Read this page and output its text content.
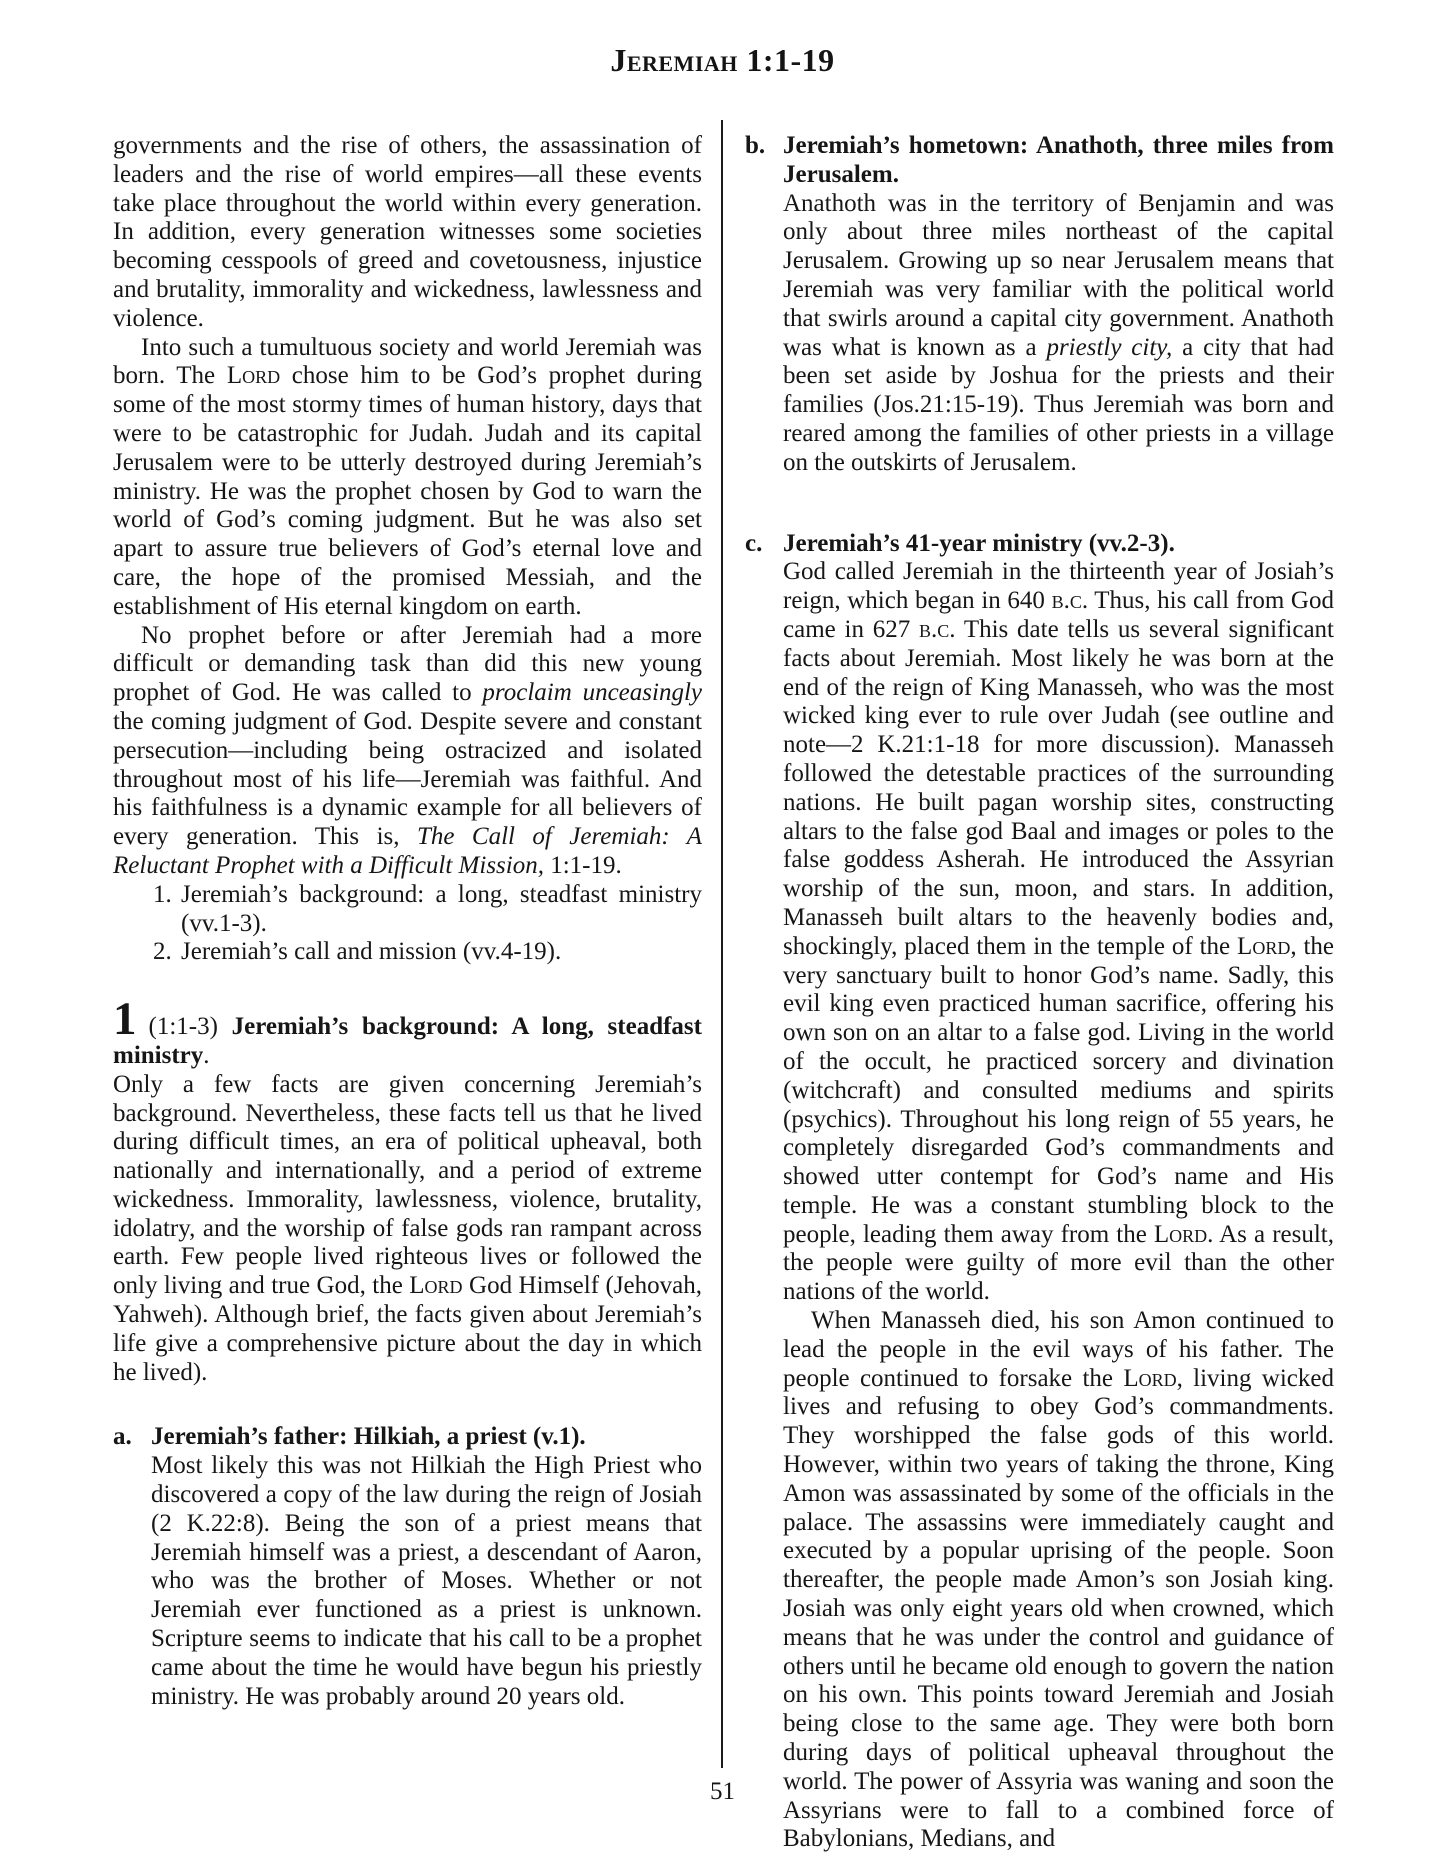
Jeremiah 1:1-19

governments and the rise of others, the assassination of leaders and the rise of world empires—all these events take place throughout the world within every generation. In addition, every generation witnesses some societies becoming cesspools of greed and covetousness, injustice and brutality, immorality and wickedness, lawlessness and violence.

Into such a tumultuous society and world Jeremiah was born. The Lord chose him to be God’s prophet during some of the most stormy times of human history, days that were to be catastrophic for Judah. Judah and its capital Jerusalem were to be utterly destroyed during Jeremiah’s ministry. He was the prophet chosen by God to warn the world of God’s coming judgment. But he was also set apart to assure true believers of God’s eternal love and care, the hope of the promised Messiah, and the establishment of His eternal kingdom on earth.

No prophet before or after Jeremiah had a more difficult or demanding task than did this new young prophet of God. He was called to proclaim unceasingly the coming judgment of God. Despite severe and constant persecution—including being ostracized and isolated throughout most of his life—Jeremiah was faithful. And his faithfulness is a dynamic example for all believers of every generation. This is, The Call of Jeremiah: A Reluctant Prophet with a Difficult Mission, 1:1-19.

1. Jeremiah’s background: a long, steadfast ministry (vv.1-3).
2. Jeremiah’s call and mission (vv.4-19).

1 (1:1-3) Jeremiah’s background: A long, steadfast ministry.

Only a few facts are given concerning Jeremiah’s background. Nevertheless, these facts tell us that he lived during difficult times, an era of political upheaval, both nationally and internationally, and a period of extreme wickedness. Immorality, lawlessness, violence, brutality, idolatry, and the worship of false gods ran rampant across earth. Few people lived righteous lives or followed the only living and true God, the Lord God Himself (Jehovah, Yahweh). Although brief, the facts given about Jeremiah’s life give a comprehensive picture about the day in which he lived).

a. Jeremiah’s father: Hilkiah, a priest (v.1).

Most likely this was not Hilkiah the High Priest who discovered a copy of the law during the reign of Josiah (2 K.22:8). Being the son of a priest means that Jeremiah himself was a priest, a descendant of Aaron, who was the brother of Moses. Whether or not Jeremiah ever functioned as a priest is unknown. Scripture seems to indicate that his call to be a prophet came about the time he would have begun his priestly ministry. He was probably around 20 years old.

b. Jeremiah’s hometown: Anathoth, three miles from Jerusalem.

Anathoth was in the territory of Benjamin and was only about three miles northeast of the capital Jerusalem. Growing up so near Jerusalem means that Jeremiah was very familiar with the political world that swirls around a capital city government. Anathoth was what is known as a priestly city, a city that had been set aside by Joshua for the priests and their families (Jos.21:15-19). Thus Jeremiah was born and reared among the families of other priests in a village on the outskirts of Jerusalem.

c. Jeremiah’s 41-year ministry (vv.2-3).

God called Jeremiah in the thirteenth year of Josiah’s reign, which began in 640 b.c. Thus, his call from God came in 627 b.c. This date tells us several significant facts about Jeremiah. Most likely he was born at the end of the reign of King Manasseh, who was the most wicked king ever to rule over Judah (see outline and note—2 K.21:1-18 for more discussion). Manasseh followed the detestable practices of the surrounding nations. He built pagan worship sites, constructing altars to the false god Baal and images or poles to the false goddess Asherah. He introduced the Assyrian worship of the sun, moon, and stars. In addition, Manasseh built altars to the heavenly bodies and, shockingly, placed them in the temple of the Lord, the very sanctuary built to honor God’s name. Sadly, this evil king even practiced human sacrifice, offering his own son on an altar to a false god. Living in the world of the occult, he practiced sorcery and divination (witchcraft) and consulted mediums and spirits (psychics). Throughout his long reign of 55 years, he completely disregarded God’s commandments and showed utter contempt for God’s name and His temple. He was a constant stumbling block to the people, leading them away from the Lord. As a result, the people were guilty of more evil than the other nations of the world.

When Manasseh died, his son Amon continued to lead the people in the evil ways of his father. The people continued to forsake the Lord, living wicked lives and refusing to obey God’s commandments. They worshipped the false gods of this world. However, within two years of taking the throne, King Amon was assassinated by some of the officials in the palace. The assassins were immediately caught and executed by a popular uprising of the people. Soon thereafter, the people made Amon’s son Josiah king. Josiah was only eight years old when crowned, which means that he was under the control and guidance of others until he became old enough to govern the nation on his own. This points toward Jeremiah and Josiah being close to the same age. They were both born during days of political upheaval throughout the world. The power of Assyria was waning and soon the Assyrians were to fall to a combined force of Babylonians, Medians, and

51
